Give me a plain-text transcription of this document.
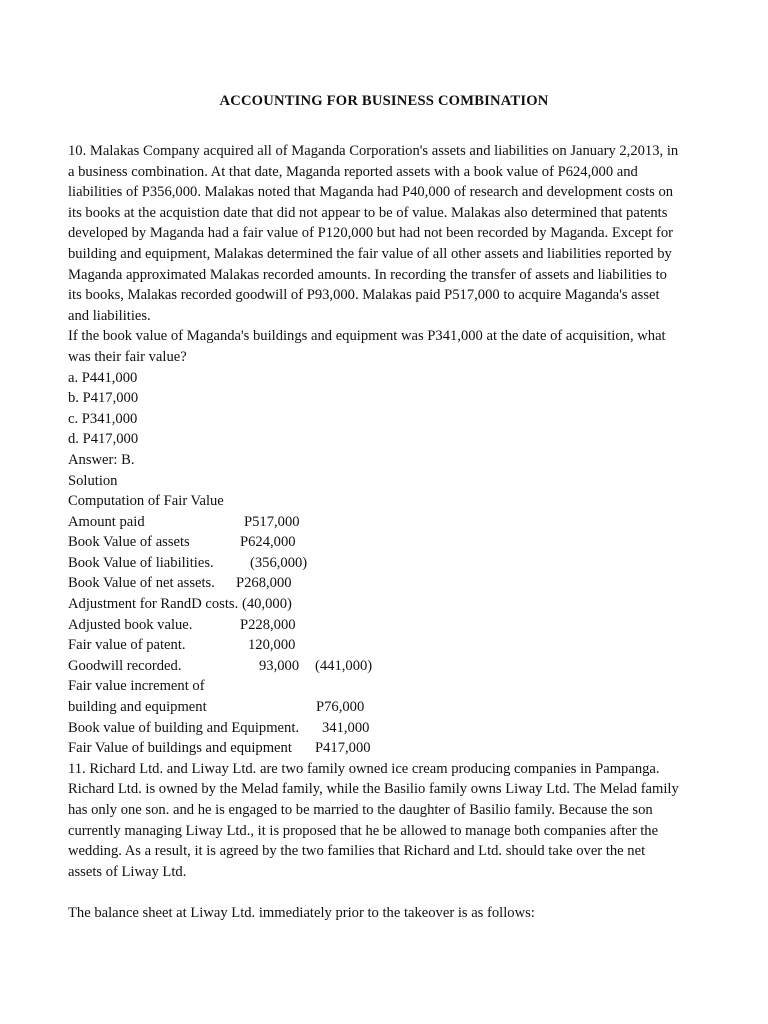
ACCOUNTING FOR BUSINESS COMBINATION
10. Malakas Company acquired all of Maganda Corporation's assets and liabilities on January 2,2013, in
a business combination. At that date, Maganda reported assets with a book value of P624,000 and
liabilities of P356,000. Malakas noted that Maganda had P40,000 of research and development costs on
its books at the acquistion date that did not appear to be of value. Malakas also determined that patents
developed by Maganda had a fair value of P120,000 but had not been recorded by Maganda. Except for
building and equipment, Malakas determined the fair value of all other assets and liabilities reported by
Maganda approximated Malakas recorded amounts. In recording the transfer of assets and liabilities to
its books, Malakas recorded goodwill of P93,000. Malakas paid P517,000 to acquire Maganda's asset
and liabilities.
If the book value of Maganda's buildings and equipment was P341,000 at the date of acquisition, what
was their fair value?
a. P441,000
b. P417,000
c. P341,000
d. P417,000
Answer: B.
Solution
Computation of Fair Value
Amount paid	P517,000
Book Value of assets	P624,000
Book Value of liabilities. (356,000)
Book Value of net assets. P268,000
Adjustment for RandD costs. (40,000)
Adjusted book value.	P228,000
Fair value of patent.	120,000
Goodwill recorded.	93,000 (441,000)
Fair value increment of
building and equipment	P76,000
Book value of building and Equipment. 341,000
Fair Value of buildings and equipment P417,000
11. Richard Ltd. and Liway Ltd. are two family owned ice cream producing companies in Pampanga.
Richard Ltd. is owned by the Melad family, while the Basilio family owns Liway Ltd. The Melad family
has only one son. and he is engaged to be married to the daughter of Basilio family. Because the son
currently managing Liway Ltd., it is proposed that he be allowed to manage both companies after the
wedding. As a result, it is agreed by the two families that Richard and Ltd. should take over the net
assets of Liway Ltd.
The balance sheet at Liway Ltd. immediately prior to the takeover is as follows:
